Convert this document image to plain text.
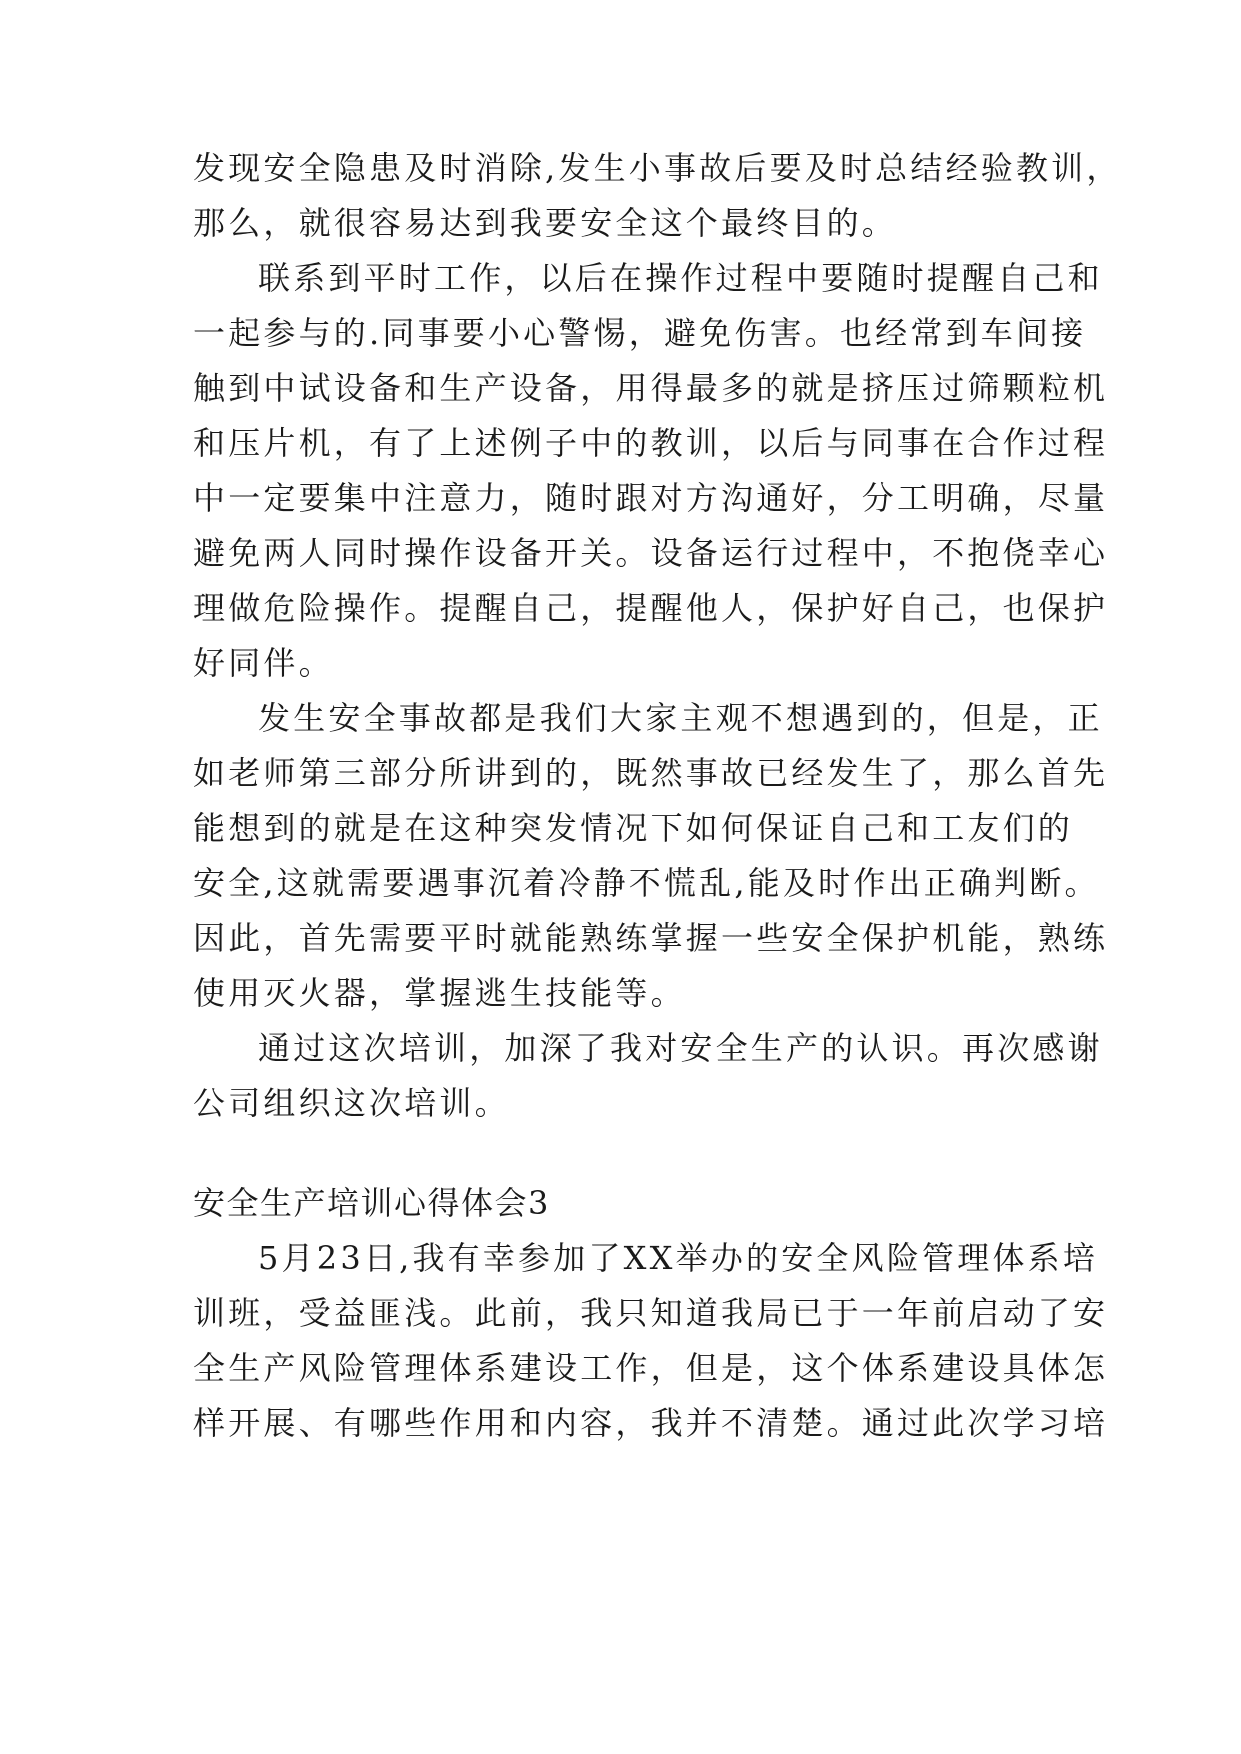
发现安全隐患及时消除,发生小事故后要及时总结经验教训，
那么，就很容易达到我要安全这个最终目的。
联系到平时工作，以后在操作过程中要随时提醒自己和
一起参与的.同事要小心警惕，避免伤害。也经常到车间接
触到中试设备和生产设备，用得最多的就是挤压过筛颗粒机
和压片机，有了上述例子中的教训，以后与同事在合作过程
中一定要集中注意力，随时跟对方沟通好，分工明确，尽量
避免两人同时操作设备开关。设备运行过程中，不抱侥幸心
理做危险操作。提醒自己，提醒他人，保护好自己，也保护
好同伴。
发生安全事故都是我们大家主观不想遇到的，但是，正
如老师第三部分所讲到的，既然事故已经发生了，那么首先
能想到的就是在这种突发情况下如何保证自己和工友们的
安全,这就需要遇事沉着冷静不慌乱,能及时作出正确判断。
因此，首先需要平时就能熟练掌握一些安全保护机能，熟练
使用灭火器，掌握逃生技能等。
通过这次培训，加深了我对安全生产的认识。再次感谢
公司组织这次培训。
安全生产培训心得体会3
5月23日,我有幸参加了XX举办的安全风险管理体系培
训班，受益匪浅。此前，我只知道我局已于一年前启动了安
全生产风险管理体系建设工作，但是，这个体系建设具体怎
样开展、有哪些作用和内容，我并不清楚。通过此次学习培
